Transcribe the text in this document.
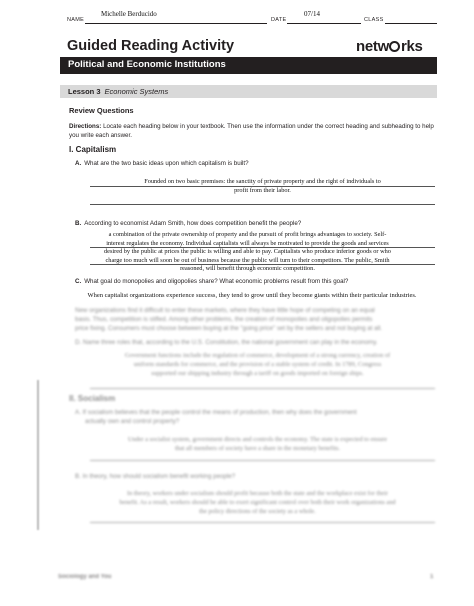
NAME
Michelle Berducido
DATE
07/14
CLASS
Guided Reading Activity	netw rks
Political and Economic Institutions
Lesson 3 Economic Systems
Review Questions
Directions: Locate each heading below in your textbook. Then use the information under the correct heading and subheading to help you write each answer.
I. Capitalism
A. What are the two basic ideas upon which capitalism is built?
Founded on two basic premises: the sanctity of private property and the right of individuals to
profit from their labor.
B. According to economist Adam Smith, how does competition benefit the people?
a combination of the private ownership of property and the pursuit of profit brings advantages to society. Self-
interest regulates the economy. Individual capitalists will always be motivated to provide the goods and services
desired by the public at prices the public is willing and able to pay. Capitalists who produce inferior goods or who
charge too much will soon be out of business because the public will turn to their competitors. The public, Smith
reasoned, will benefit through economic competition.
C. What goal do monopolies and oligopolies share? What economic problems result from this goal?
When capitalist organizations experience success, they tend to grow until they become giants within their particular industries.
New organizations find it difficult to enter these markets, where they have little hope of competing on an equal
basis. Thus, competition is stifled. Among other problems, the creation of monopolies and oligopolies permits
price fixing. Consumers must choose between buying at the "going price" set by the sellers and not buying at all.
D. Name three roles that, according to the U.S. Constitution, the national government can play in the economy.
Government functions include the regulation of commerce, development of a strong currency, creation of
uniform standards for commerce, and the provision of a stable system of credit. In 1789, Congress
supported our shipping industry through a tariff on goods imported on foreign ships.
II. Socialism
A. If socialism believes that the people control the means of production, then why does the government
actually own and control property?
Under a socialist system, government directs and controls the economy. The state is expected to ensure
that all members of society have a share in the monetary benefits.
B. In theory, how should socialism benefit working people?
In theory, workers under socialism should profit because both the state and the workplace exist for their
benefit. As a result, workers should be able to exert significant control over both their work organizations and
the policy directions of the society as a whole.
Sociology and You	1
